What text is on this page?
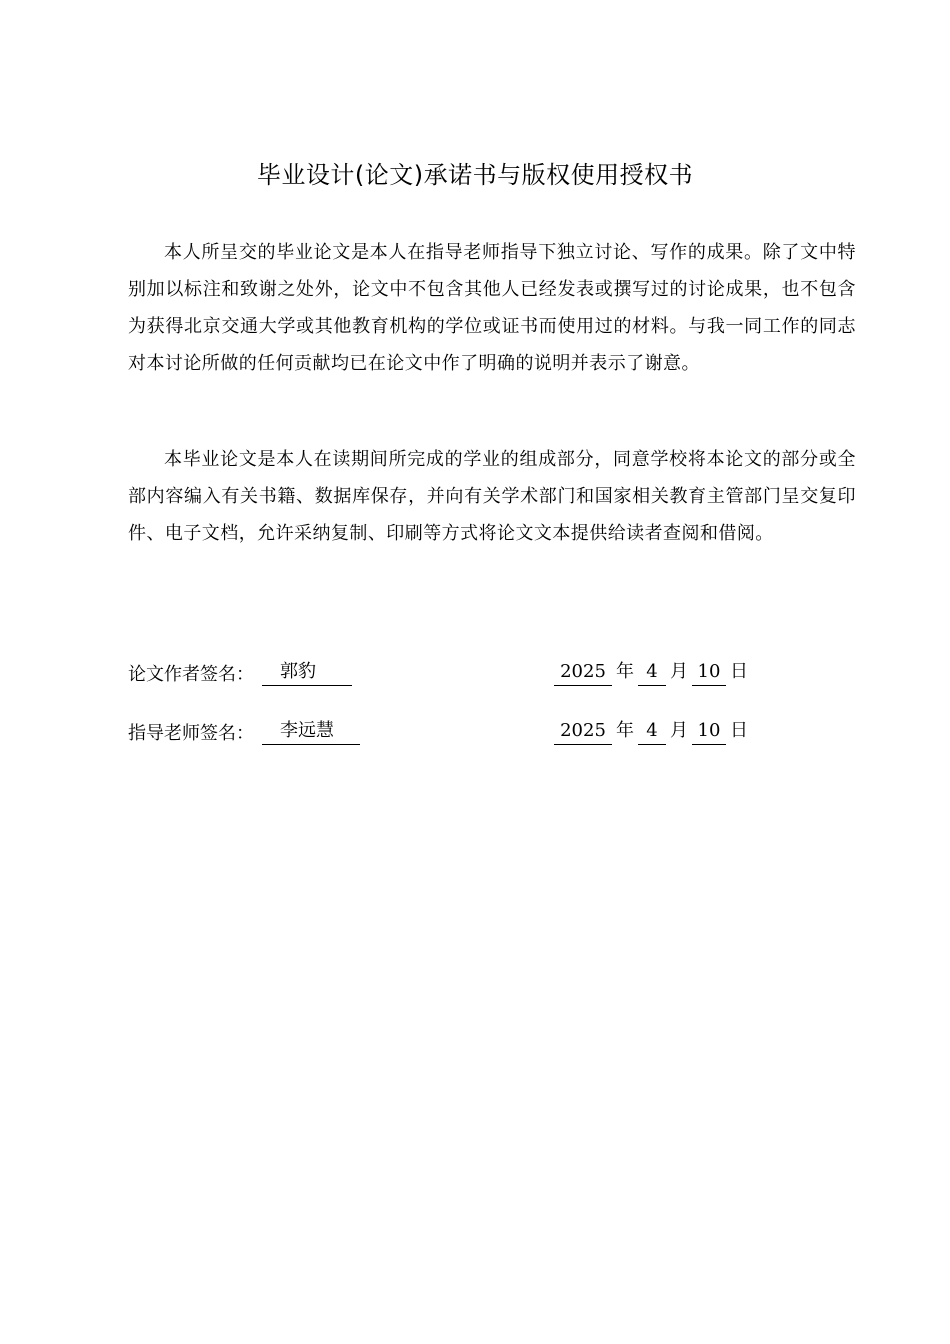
毕业设计(论文)承诺书与版权使用授权书

本人所呈交的毕业论文是本人在指导老师指导下独立讨论、写作的成果。除了文中特别加以标注和致谢之处外，论文中不包含其他人已经发表或撰写过的讨论成果，也不包含为获得北京交通大学或其他教育机构的学位或证书而使用过的材料。与我一同工作的同志对本讨论所做的任何贡献均已在论文中作了明确的说明并表示了谢意。

本毕业论文是本人在读期间所完成的学业的组成部分，同意学校将本论文的部分或全部内容编入有关书籍、数据库保存，并向有关学术部门和国家相关教育主管部门呈交复印件、电子文档，允许采纳复制、印刷等方式将论文文本提供给读者查阅和借阅。

论文作者签名：	郭豹	2025 年 4 月 10 日
指导老师签名：	李远慧	2025 年 4 月 10 日
